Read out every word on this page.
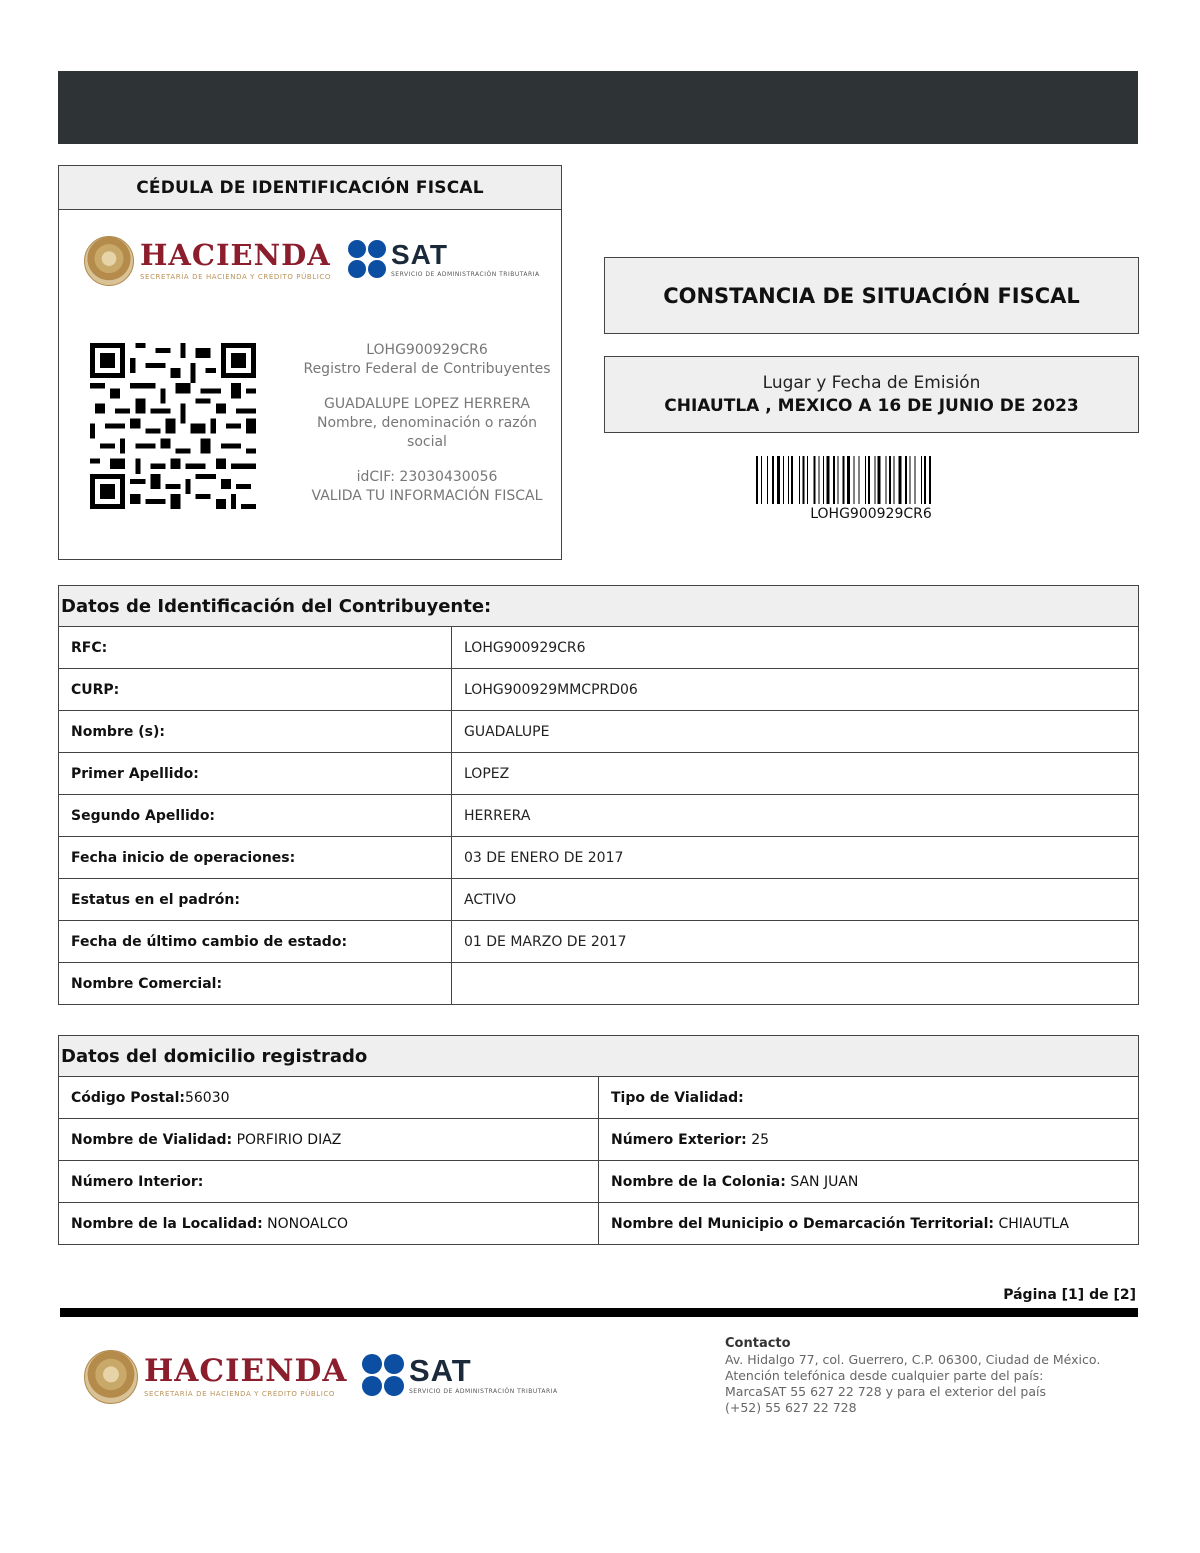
CÉDULA DE IDENTIFICACIÓN FISCAL
HACIENDA
SECRETARÍA DE HACIENDA Y CRÉDITO PÚBLICO
SAT
SERVICIO DE ADMINISTRACIÓN TRIBUTARIA
LOHG900929CR6
Registro Federal de Contribuyentes
GUADALUPE LOPEZ HERRERA
Nombre, denominación o razón social
idCIF: 23030430056
VALIDA TU INFORMACIÓN FISCAL
CONSTANCIA DE SITUACIÓN FISCAL
Lugar y Fecha de Emisión
CHIAUTLA , MEXICO A 16 DE JUNIO DE 2023
LOHG900929CR6
Datos de Identificación del Contribuyente:	
RFC:	LOHG900929CR6
CURP:	LOHG900929MMCPRD06
Nombre (s):	GUADALUPE
Primer Apellido:	LOPEZ
Segundo Apellido:	HERRERA
Fecha inicio de operaciones:	03 DE ENERO DE 2017
Estatus en el padrón:	ACTIVO
Fecha de último cambio de estado:	01 DE MARZO DE 2017
Nombre Comercial:	
Datos del domicilio registrado	
Código Postal:56030	Tipo de Vialidad:
Nombre de Vialidad: PORFIRIO DIAZ	Número Exterior: 25
Número Interior:	Nombre de la Colonia: SAN JUAN
Nombre de la Localidad: NONOALCO	Nombre del Municipio o Demarcación Territorial: CHIAUTLA
Página [1] de [2]
HACIENDA
SECRETARÍA DE HACIENDA Y CRÉDITO PÚBLICO
SAT
SERVICIO DE ADMINISTRACIÓN TRIBUTARIA
Contacto
Av. Hidalgo 77, col. Guerrero, C.P. 06300, Ciudad de México.
Atención telefónica desde cualquier parte del país:
MarcaSAT 55 627 22 728 y para el exterior del país
(+52) 55 627 22 728
